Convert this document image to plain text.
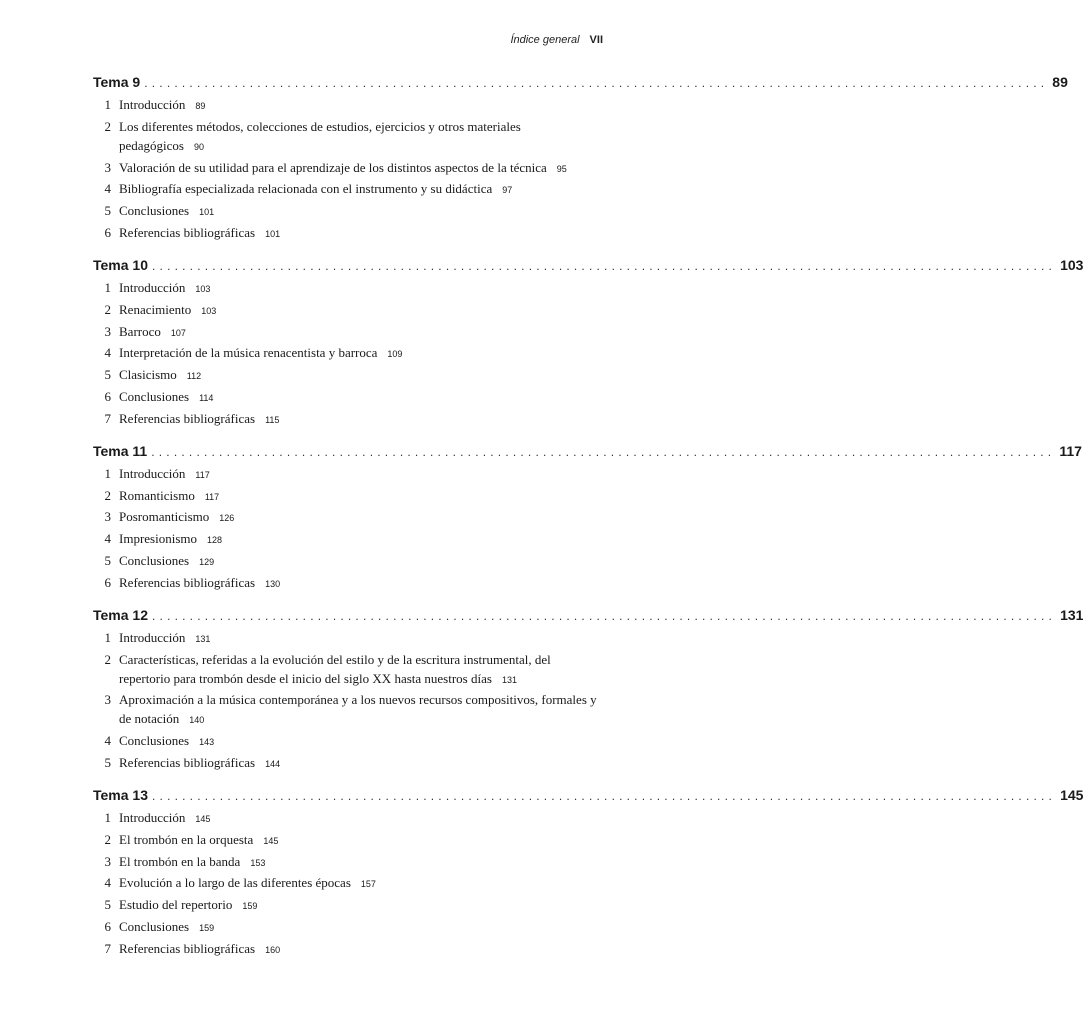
Índice general VII
Tema 9 ........................................................................................................................ 89
1 Introducción 89
2 Los diferentes métodos, colecciones de estudios, ejercicios y otros materiales pedagógicos 90
3 Valoración de su utilidad para el aprendizaje de los distintos aspectos de la técnica 95
4 Bibliografía especializada relacionada con el instrumento y su didáctica 97
5 Conclusiones 101
6 Referencias bibliográficas 101
Tema 10 ........................................................................................................................ 103
1 Introducción 103
2 Renacimiento 103
3 Barroco 107
4 Interpretación de la música renacentista y barroca 109
5 Clasicismo 112
6 Conclusiones 114
7 Referencias bibliográficas 115
Tema 11 ........................................................................................................................ 117
1 Introducción 117
2 Romanticismo 117
3 Posromanticismo 126
4 Impresionismo 128
5 Conclusiones 129
6 Referencias bibliográficas 130
Tema 12 ........................................................................................................................ 131
1 Introducción 131
2 Características, referidas a la evolución del estilo y de la escritura instrumental, del repertorio para trombón desde el inicio del siglo XX hasta nuestros días 131
3 Aproximación a la música contemporánea y a los nuevos recursos compositivos, formales y de notación 140
4 Conclusiones 143
5 Referencias bibliográficas 144
Tema 13 ........................................................................................................................ 145
1 Introducción 145
2 El trombón en la orquesta 145
3 El trombón en la banda 153
4 Evolución a lo largo de las diferentes épocas 157
5 Estudio del repertorio 159
6 Conclusiones 159
7 Referencias bibliográficas 160
